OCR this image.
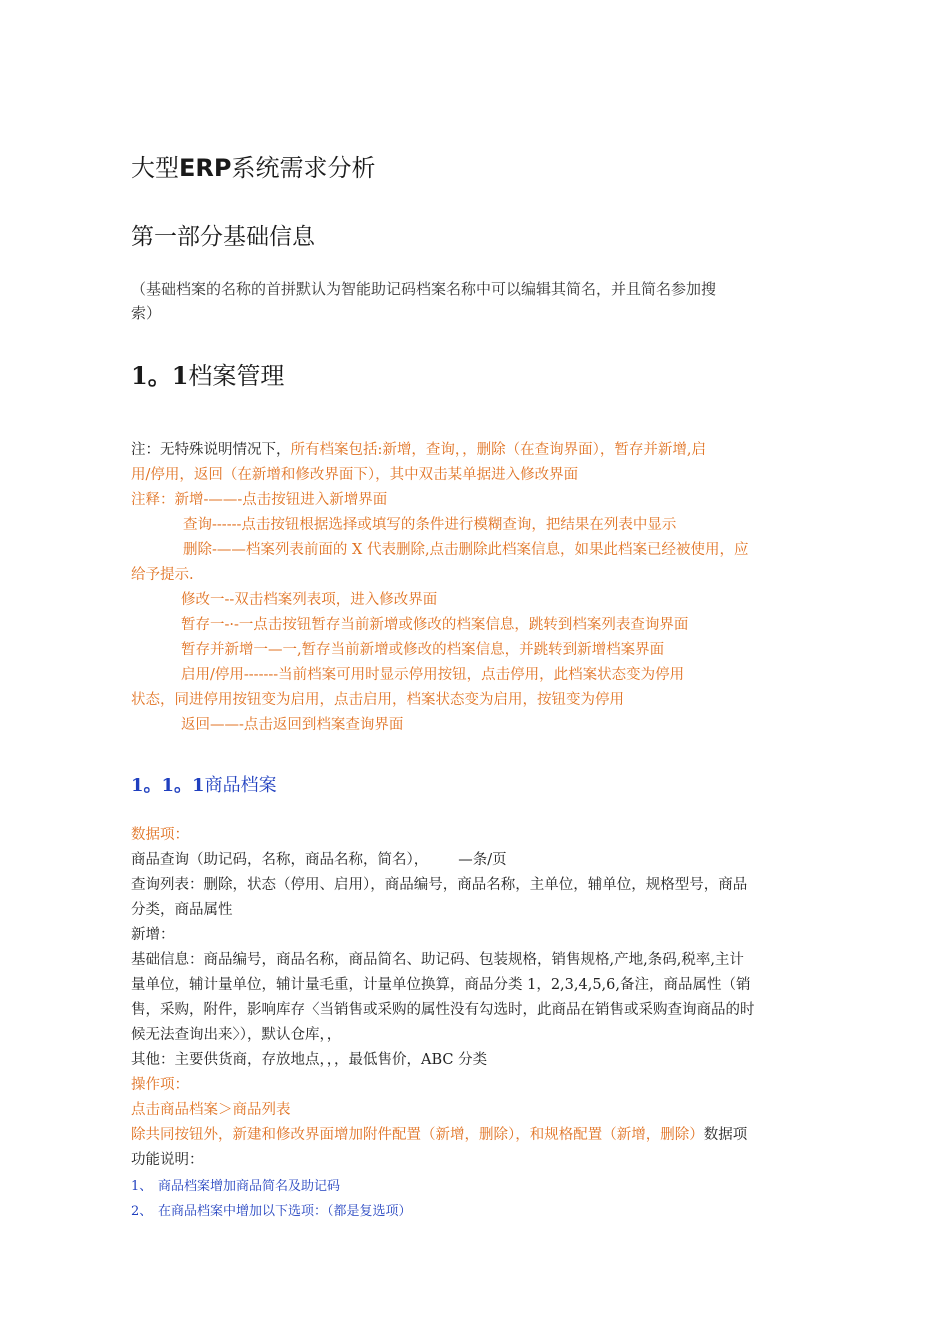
大型ERP系统需求分析
第一部分基础信息
（基础档案的名称的首拼默认为智能助记码档案名称中可以编辑其简名，并且简名参加搜
索）
1。1档案管理
注：无特殊说明情况下，所有档案包括:新增，查询，，删除（在查询界面），暂存并新增,启
用/停用，返回（在新增和修改界面下），其中双击某单据进入修改界面
注释：新增-——-点击按钮进入新增界面
查询------点击按钮根据选择或填写的条件进行模糊查询，把结果在列表中显示
删除-——档案列表前面的 X 代表删除,点击删除此档案信息，如果此档案已经被使用，应
给予提示.
修改一--双击档案列表项，进入修改界面
暂存一-·-一点击按钮暂存当前新增或修改的档案信息，跳转到档案列表查询界面
暂存并新增一—一,暂存当前新增或修改的档案信息，并跳转到新增档案界面
启用/停用-------当前档案可用时显示停用按钮，点击停用，此档案状态变为停用
状态，同进停用按钮变为启用，点击启用，档案状态变为启用，按钮变为停用
返回——-点击返回到档案查询界面
1。1。1商品档案
数据项：
商品查询（助记码，名称，商品名称，简名）， —条/页
查询列表：删除，状态（停用、启用），商品编号，商品名称，主单位，辅单位，规格型号，商品
分类，商品属性
新增：
基础信息：商品编号，商品名称，商品简名、助记码、包装规格，销售规格,产地,条码,税率,主计
量单位，辅计量单位，辅计量毛重，计量单位换算，商品分类 1，2,3,4,5,6,备注，商品属性（销
售，采购，附件，影响库存〈当销售或采购的属性没有勾选时，此商品在销售或采购查询商品的时
候无法查询出来〉），默认仓库，，
其他：主要供货商，存放地点，，，最低售价，ABC 分类
操作项：
点击商品档案＞商品列表
除共同按钮外，新建和修改界面增加附件配置（新增，删除），和规格配置（新增，删除）数据项
功能说明：
1、 商品档案增加商品简名及助记码
2、 在商品档案中增加以下选项：（都是复选项）
